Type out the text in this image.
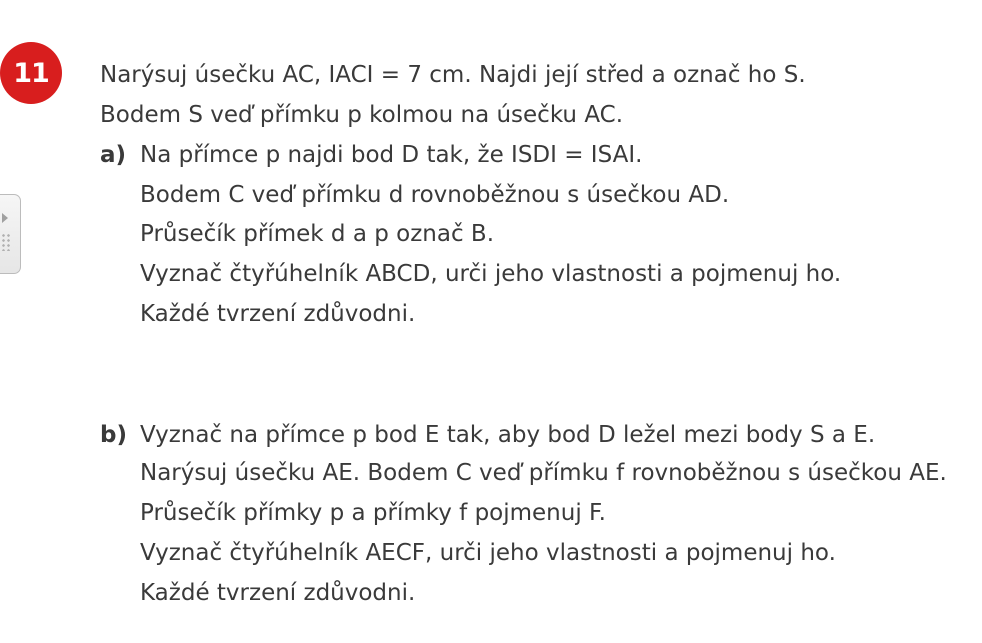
11	Narýsuj úsečku AC, IACI = 7 cm. Najdi její střed a označ ho S.
Bodem S veď přímku p kolmou na úsečku AC.
a) Na přímce p najdi bod D tak, že ISDI = ISAI.
Bodem C veď přímku d rovnoběžnou s úsečkou AD.
Průsečík přímek d a p označ B.
Vyznač čtyřúhelník ABCD, urči jeho vlastnosti a pojmenuj ho.
Každé tvrzení zdůvodni.
b) Vyznač na přímce p bod E tak, aby bod D ležel mezi body S a E.
Narýsuj úsečku AE. Bodem C veď přímku f rovnoběžnou s úsečkou AE.
Průsečík přímky p a přímky f pojmenuj F.
Vyznač čtyřúhelník AECF, urči jeho vlastnosti a pojmenuj ho.
Každé tvrzení zdůvodni.
